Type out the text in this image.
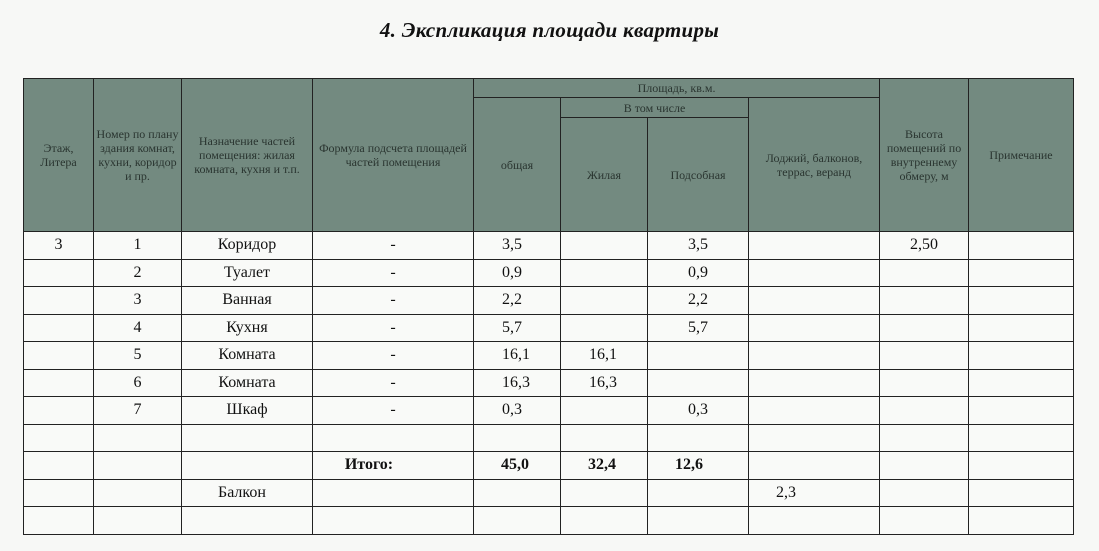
4. Экспликация площади квартиры
Этаж, Литера	Номер по плану здания комнат, кухни, коридор и пр.	Назначение частей помещения: жилая комната, кухня и т.п.	Формула подсчета площадей частей помещения	Площадь, кв.м.				Высота помещений по внутреннему обмеру, м	Примечание
				общая	В том числе		Лоджий, балконов, террас, веранд		
					Жилая	Подсобная			
3	1	Коридор	-	3,5		3,5		2,50	
	2	Туалет	-	0,9		0,9			
	3	Ванная	-	2,2		2,2			
	4	Кухня	-	5,7		5,7			
	5	Комната	-	16,1	16,1				
	6	Комната	-	16,3	16,3				
	7	Шкаф	-	0,3		0,3			

			Итого:	45,0	32,4	12,6			
		Балкон					2,3		
